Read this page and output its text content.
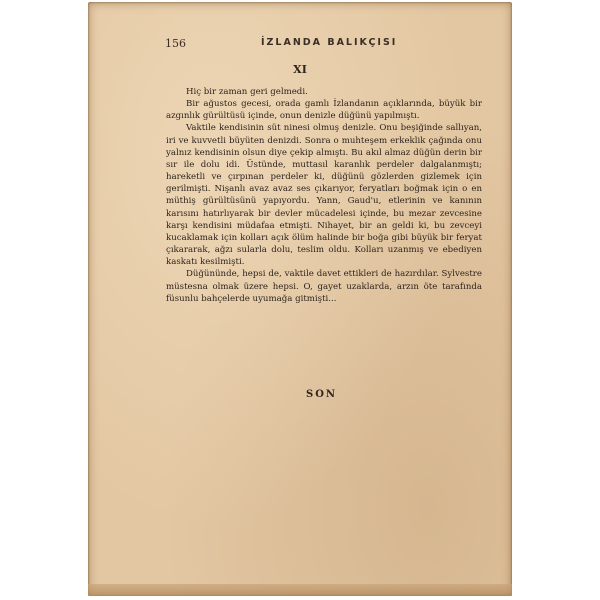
156	İZLANDA BALIKÇISI
XI

Hiç bir zaman geri gelmedi.

Bir ağustos gecesi, orada gamlı İzlandanın açıklarında, büyük bir azgınlık gürültüsü içinde, onun denizle düğünü yapılmıştı.

Vaktile kendisinin süt ninesi olmuş denizle. Onu beşiğinde sallıyan, iri ve kuvvetli büyüten denizdi. Sonra o muhteşem erkeklik çağında onu yalnız kendisinin olsun diye çekip almıştı. Bu akıl almaz düğün derin bir sır ile dolu idi. Üstünde, muttasıl karanlık perdeler dalgalanmıştı; hareketli ve çırpınan perdeler ki, düğünü gözlerden gizlemek için gerilmişti. Nişanlı avaz avaz ses çıkarıyor, feryatları boğmak için o en müthiş gürültüsünü yapıyordu. Yann, Gaud'u, etlerinin ve kanının karısını hatırlıyarak bir devler mücadelesi içinde, bu mezar zevcesine karşı kendisini müdafaa etmişti. Nihayet, bir an geldi ki, bu zevceyi kucaklamak için kolları açık ölüm halinde bir boğa gibi büyük bir feryat çıkararak, ağzı sularla dolu, teslim oldu. Kolları uzanmış ve ebediyen kaskatı kesilmişti.

Düğününde, hepsi de, vaktile davet ettikleri de hazırdılar. Sylvestre müstesna olmak üzere hepsi. O, gayet uzaklarda, arzın öte tarafında füsunlu bahçelerde uyumağa gitmişti...

SON
